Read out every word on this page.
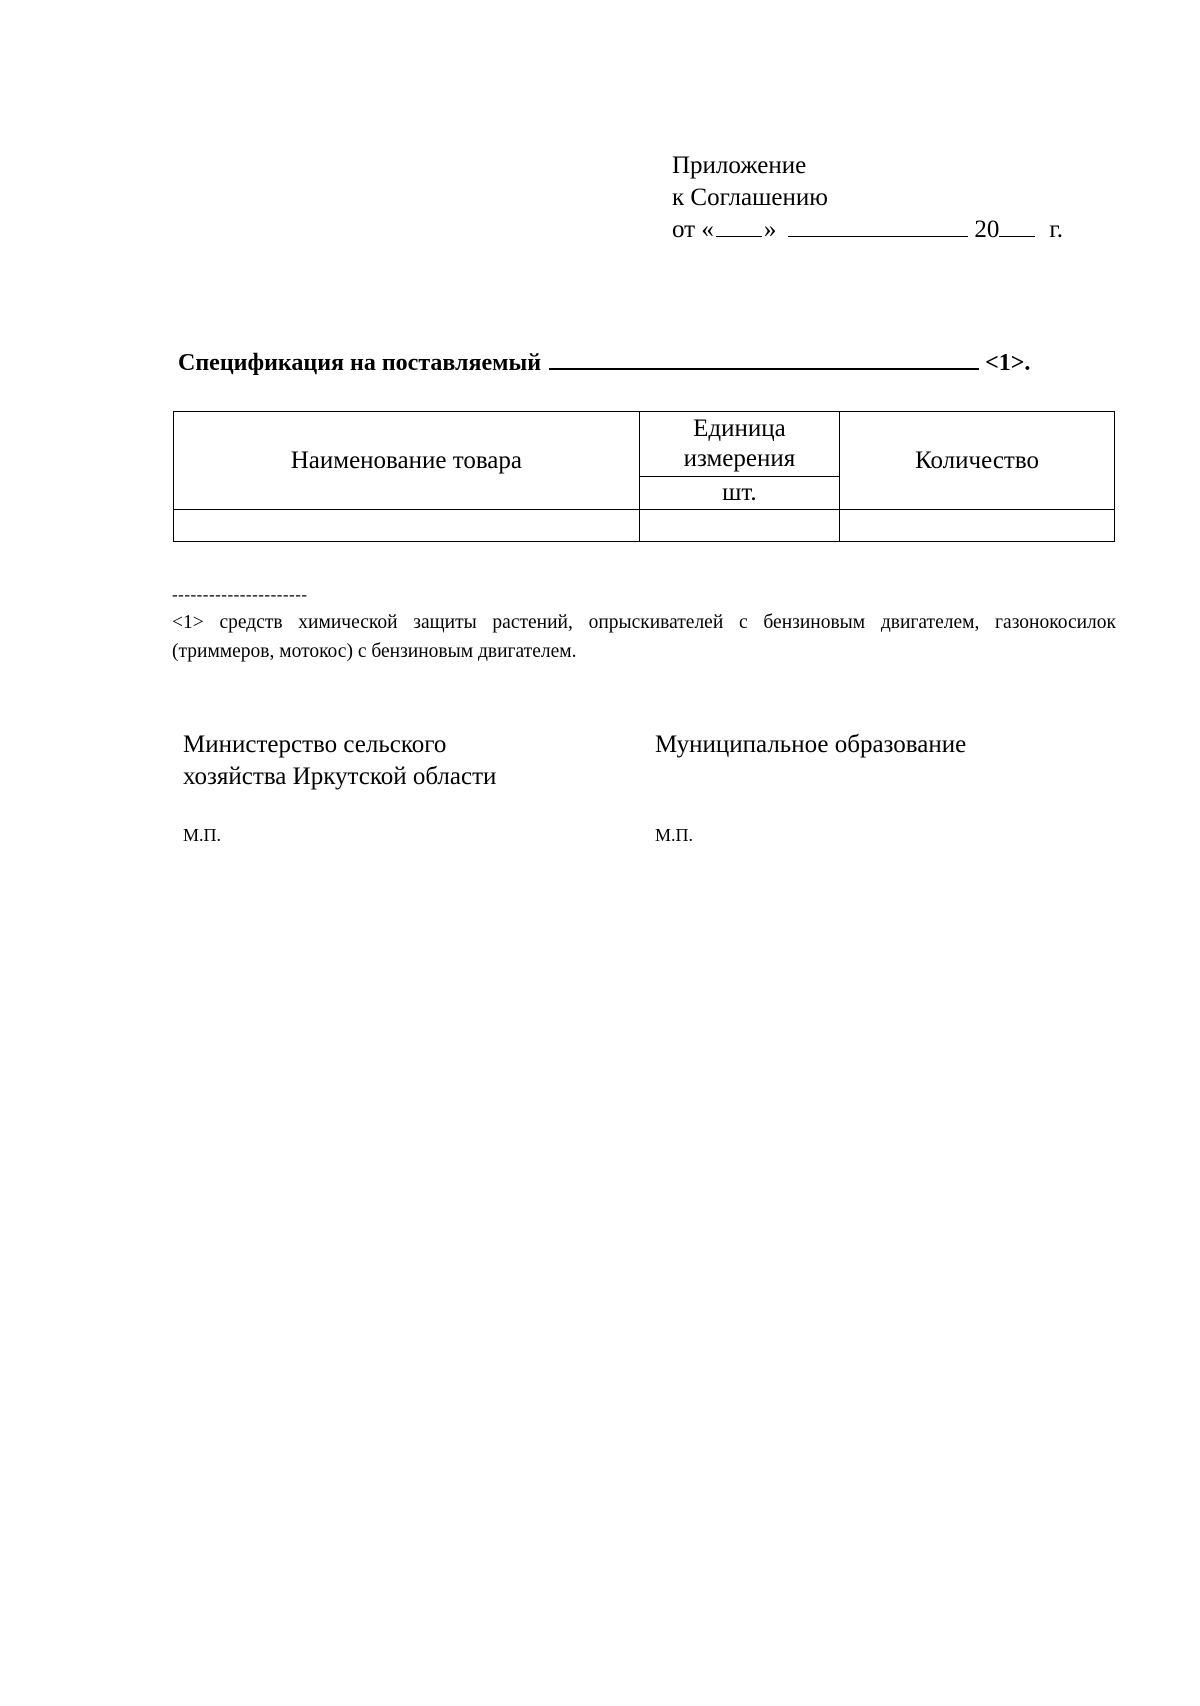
Приложение
к Соглашению
от « »	20 г.
Спецификация на поставляемый	<1>.
Наименование товара	Единица измерения	Количество
	шт.	

----------------------
<1> средств химической защиты растений, опрыскивателей с бензиновым двигателем, газонокосилок (триммеров, мотокос) с бензиновым двигателем.
Министерство сельского
хозяйства Иркутской области
Муниципальное образование
М.П.	М.П.
